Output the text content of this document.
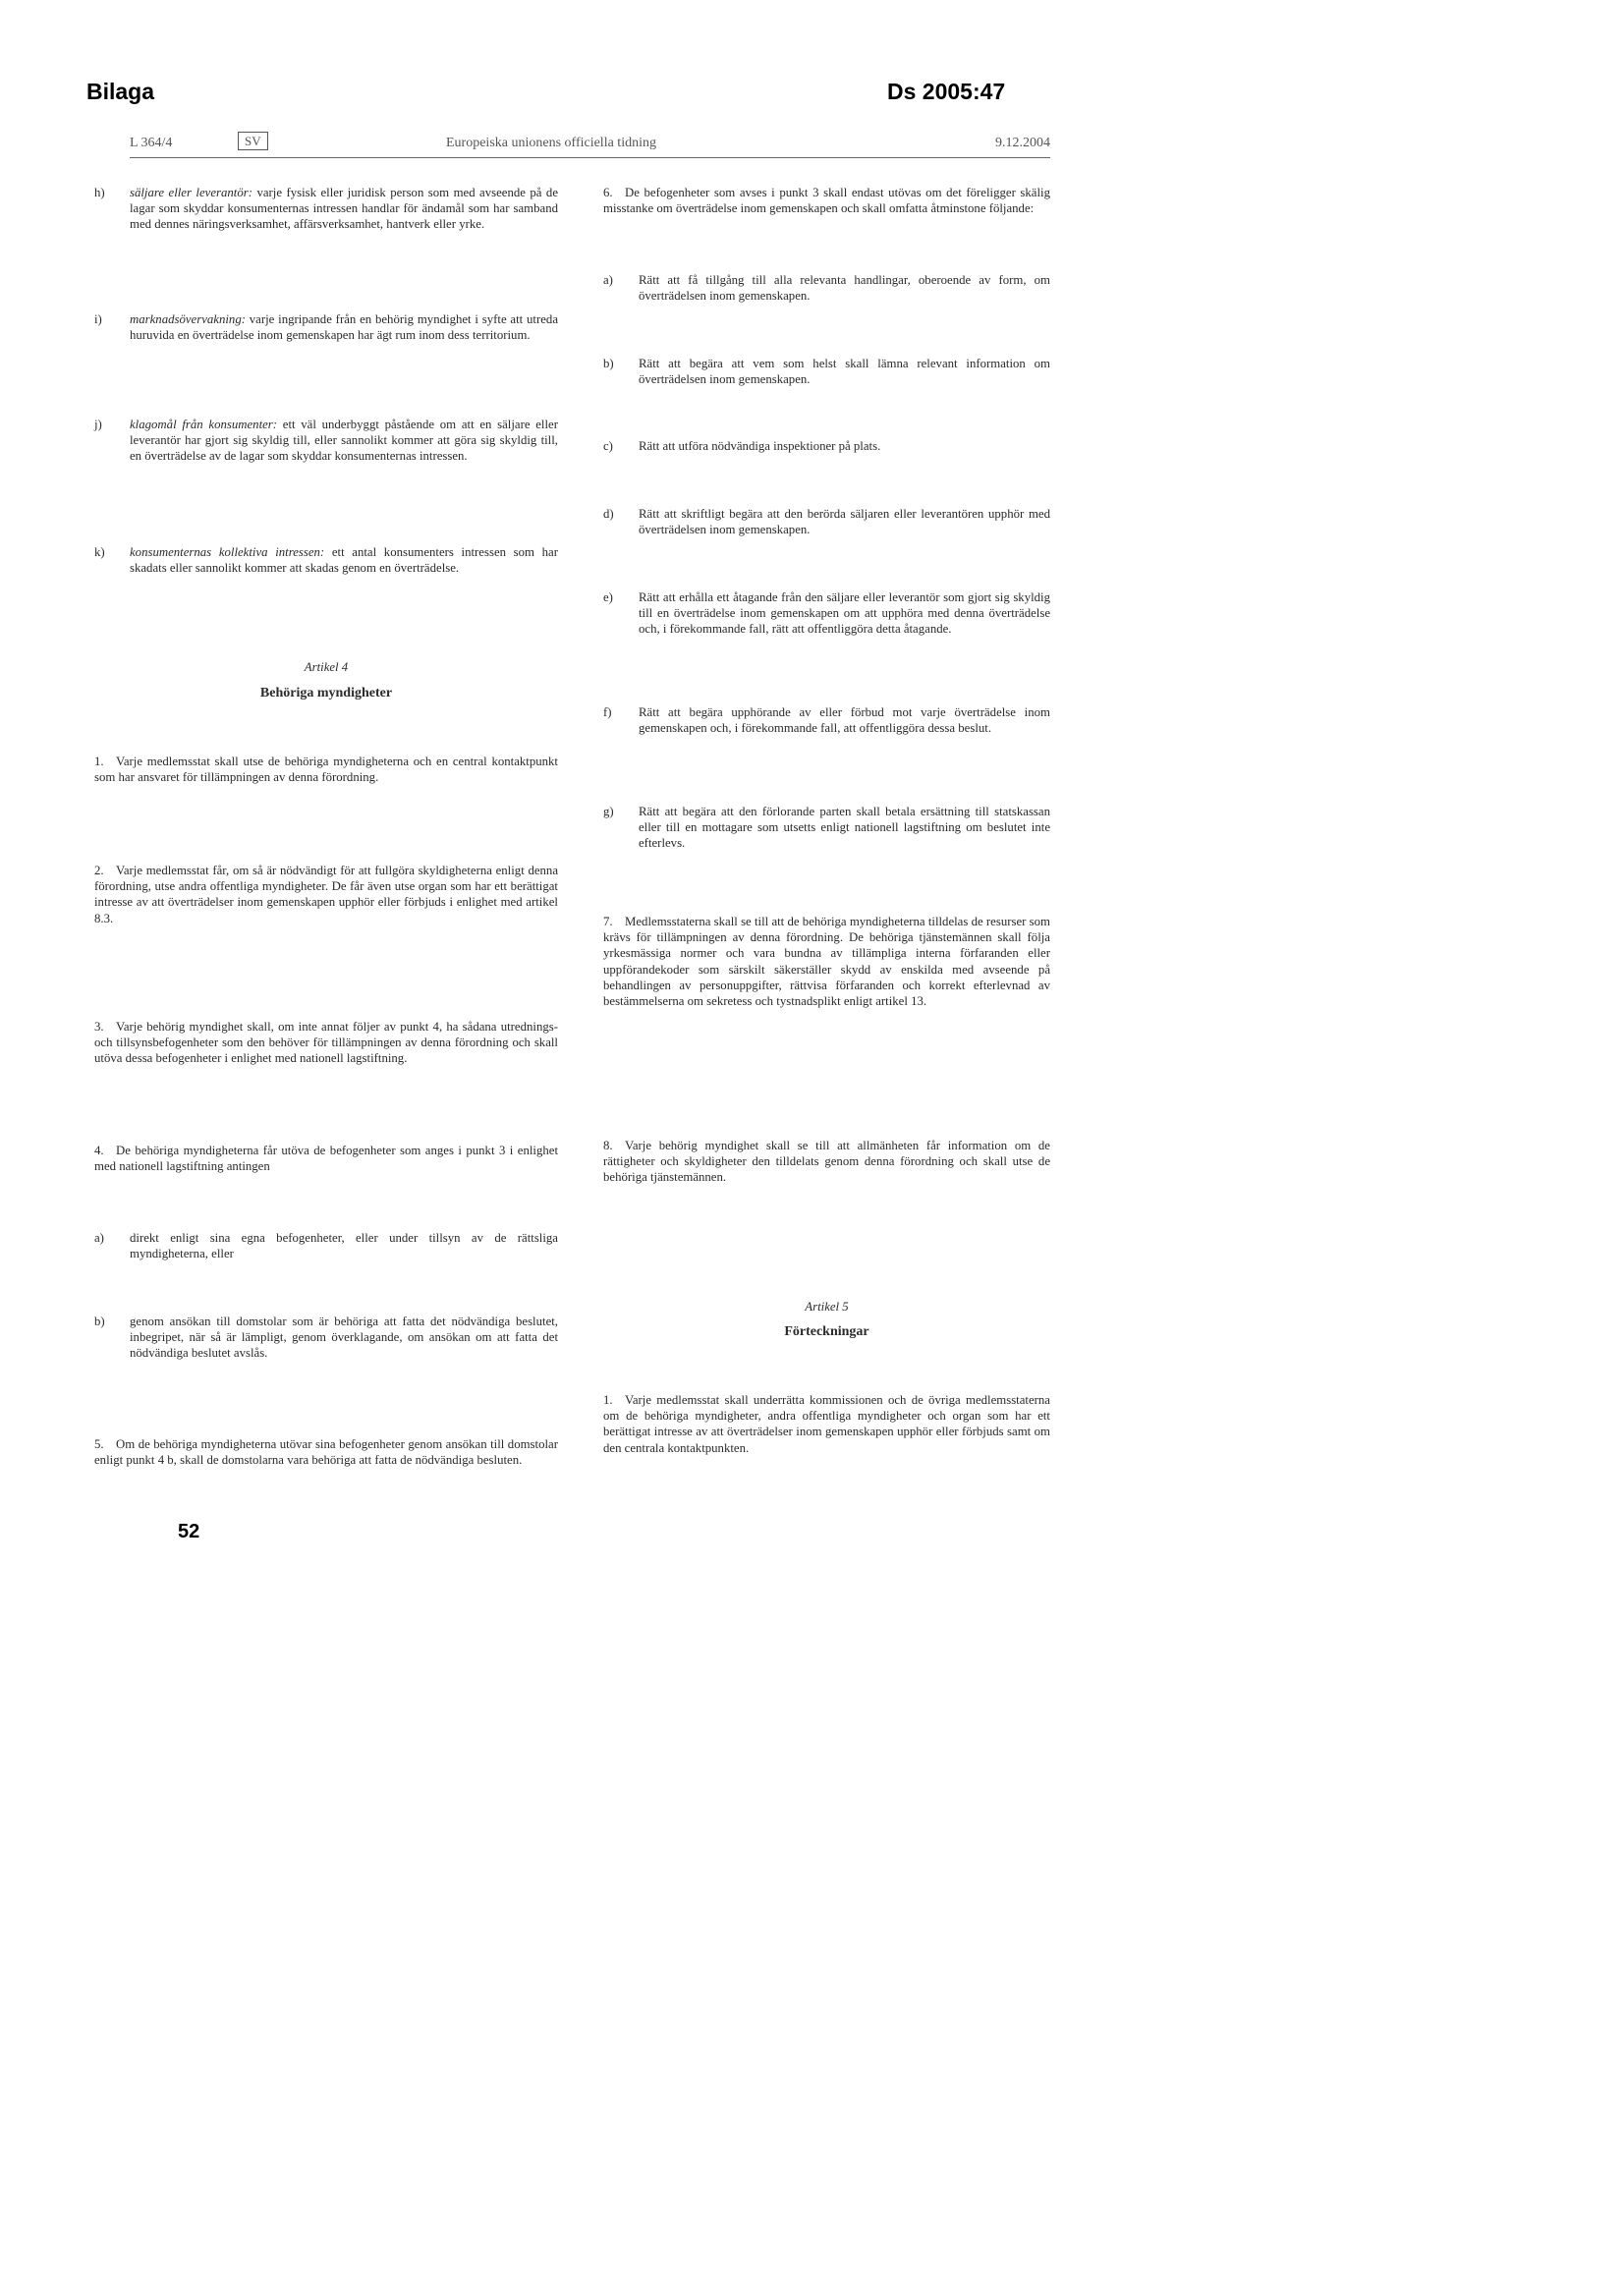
Bilaga	Ds 2005:47
L 364/4	SV	Europeiska unionens officiella tidning	9.12.2004
h) säljare eller leverantör: varje fysisk eller juridisk person som med avseende på de lagar som skyddar konsumenternas intressen handlar för ändamål som har samband med dennes näringsverksamhet, affärsverksamhet, hantverk eller yrke.
i) marknadsövervakning: varje ingripande från en behörig myndighet i syfte att utreda huruvida en överträdelse inom gemenskapen har ägt rum inom dess territorium.
j) klagomål från konsumenter: ett väl underbyggt påstående om att en säljare eller leverantör har gjort sig skyldig till, eller sannolikt kommer att göra sig skyldig till, en överträdelse av de lagar som skyddar konsumenternas intressen.
k) konsumenternas kollektiva intressen: ett antal konsumenters intressen som har skadats eller sannolikt kommer att skadas genom en överträdelse.
Artikel 4
Behöriga myndigheter
1. Varje medlemsstat skall utse de behöriga myndigheterna och en central kontaktpunkt som har ansvaret för tillämpningen av denna förordning.
2. Varje medlemsstat får, om så är nödvändigt för att fullgöra skyldigheterna enligt denna förordning, utse andra offentliga myndigheter. De får även utse organ som har ett berättigat intresse av att överträdelser inom gemenskapen upphör eller förbjuds i enlighet med artikel 8.3.
3. Varje behörig myndighet skall, om inte annat följer av punkt 4, ha sådana utrednings- och tillsynsbefogenheter som den behöver för tillämpningen av denna förordning och skall utöva dessa befogenheter i enlighet med nationell lagstiftning.
4. De behöriga myndigheterna får utöva de befogenheter som anges i punkt 3 i enlighet med nationell lagstiftning antingen
a) direkt enligt sina egna befogenheter, eller under tillsyn av de rättsliga myndigheterna, eller
b) genom ansökan till domstolar som är behöriga att fatta det nödvändiga beslutet, inbegripet, när så är lämpligt, genom överklagande, om ansökan om att fatta det nödvändiga beslutet avslås.
5. Om de behöriga myndigheterna utövar sina befogenheter genom ansökan till domstolar enligt punkt 4 b, skall de domstolarna vara behöriga att fatta de nödvändiga besluten.
6. De befogenheter som avses i punkt 3 skall endast utövas om det föreligger skälig misstanke om överträdelse inom gemenskapen och skall omfatta åtminstone följande:
a) Rätt att få tillgång till alla relevanta handlingar, oberoende av form, om överträdelsen inom gemenskapen.
b) Rätt att begära att vem som helst skall lämna relevant information om överträdelsen inom gemenskapen.
c) Rätt att utföra nödvändiga inspektioner på plats.
d) Rätt att skriftligt begära att den berörda säljaren eller leverantören upphör med överträdelsen inom gemenskapen.
e) Rätt att erhålla ett åtagande från den säljare eller leverantör som gjort sig skyldig till en överträdelse inom gemenskapen om att upphöra med denna överträdelse och, i förekommande fall, rätt att offentliggöra detta åtagande.
f) Rätt att begära upphörande av eller förbud mot varje överträdelse inom gemenskapen och, i förekommande fall, att offentliggöra dessa beslut.
g) Rätt att begära att den förlorande parten skall betala ersättning till statskassan eller till en mottagare som utsetts enligt nationell lagstiftning om beslutet inte efterlevs.
7. Medlemsstaterna skall se till att de behöriga myndigheterna tilldelas de resurser som krävs för tillämpningen av denna förordning. De behöriga tjänstemännen skall följa yrkesmässiga normer och vara bundna av tillämpliga interna förfaranden eller uppförandekoder som särskilt säkerställer skydd av enskilda med avseende på behandlingen av personuppgifter, rättvisa förfaranden och korrekt efterlevnad av bestämmelserna om sekretess och tystnadsplikt enligt artikel 13.
8. Varje behörig myndighet skall se till att allmänheten får information om de rättigheter och skyldigheter den tilldelats genom denna förordning och skall utse de behöriga tjänstemännen.
Artikel 5
Förteckningar
1. Varje medlemsstat skall underrätta kommissionen och de övriga medlemsstaterna om de behöriga myndigheter, andra offentliga myndigheter och organ som har ett berättigat intresse av att överträdelser inom gemenskapen upphör eller förbjuds samt om den centrala kontaktpunkten.
52
